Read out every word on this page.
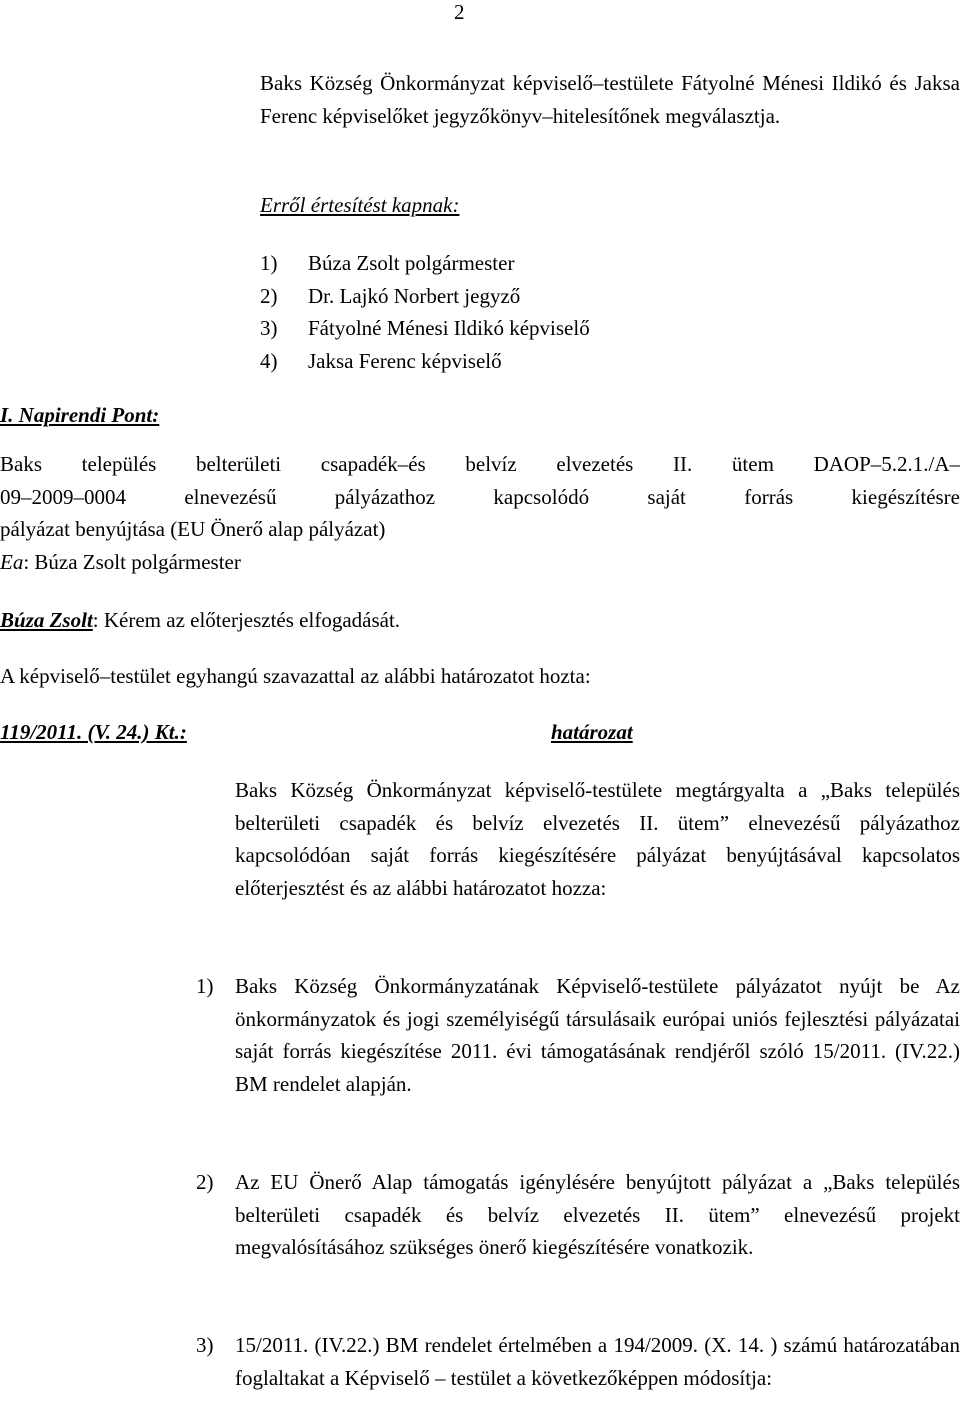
2
Baks Község Önkormányzat képviselő–testülete Fátyolné Ménesi Ildikó és Jaksa Ferenc képviselőket jegyzőkönyv–hitelesítőnek megválasztja.
Erről értesítést kapnak:
1)	Búza Zsolt polgármester
2)	Dr. Lajkó Norbert jegyző
3)	Fátyolné Ménesi Ildikó képviselő
4)	Jaksa Ferenc képviselő
I. Napirendi Pont:
Baks település belterületi csapadék–és belvíz elvezetés II. ütem DAOP–5.2.1./A–
09–2009–0004 elnevezésű pályázathoz kapcsolódó saját forrás kiegészítésre
pályázat benyújtása (EU Önerő alap pályázat)
Ea: Búza Zsolt polgármester
Búza Zsolt: Kérem az előterjesztés elfogadását.
A képviselő–testület egyhangú szavazattal az alábbi határozatot hozta:
119/2011. (V. 24.) Kt.:	határozat
Baks Község Önkormányzat képviselő-testülete megtárgyalta a „Baks település belterületi csapadék és belvíz elvezetés II. ütem” elnevezésű pályázathoz kapcsolódóan saját forrás kiegészítésére pályázat benyújtásával kapcsolatos előterjesztést és az alábbi határozatot hozza:
1)	Baks Község Önkormányzatának Képviselő-testülete pályázatot nyújt be Az önkormányzatok és jogi személyiségű társulásaik európai uniós fejlesztési pályázatai saját forrás kiegészítése 2011. évi támogatásának rendjéről szóló 15/2011. (IV.22.) BM rendelet alapján.
2)	Az EU Önerő Alap támogatás igénylésére benyújtott pályázat a „Baks település belterületi csapadék és belvíz elvezetés II. ütem” elnevezésű projekt megvalósításához szükséges önerő kiegészítésére vonatkozik.
3)	15/2011. (IV.22.) BM rendelet értelmében a 194/2009. (X. 14. ) számú határozatában foglaltakat a Képviselő – testület a következőképpen módosítja:
